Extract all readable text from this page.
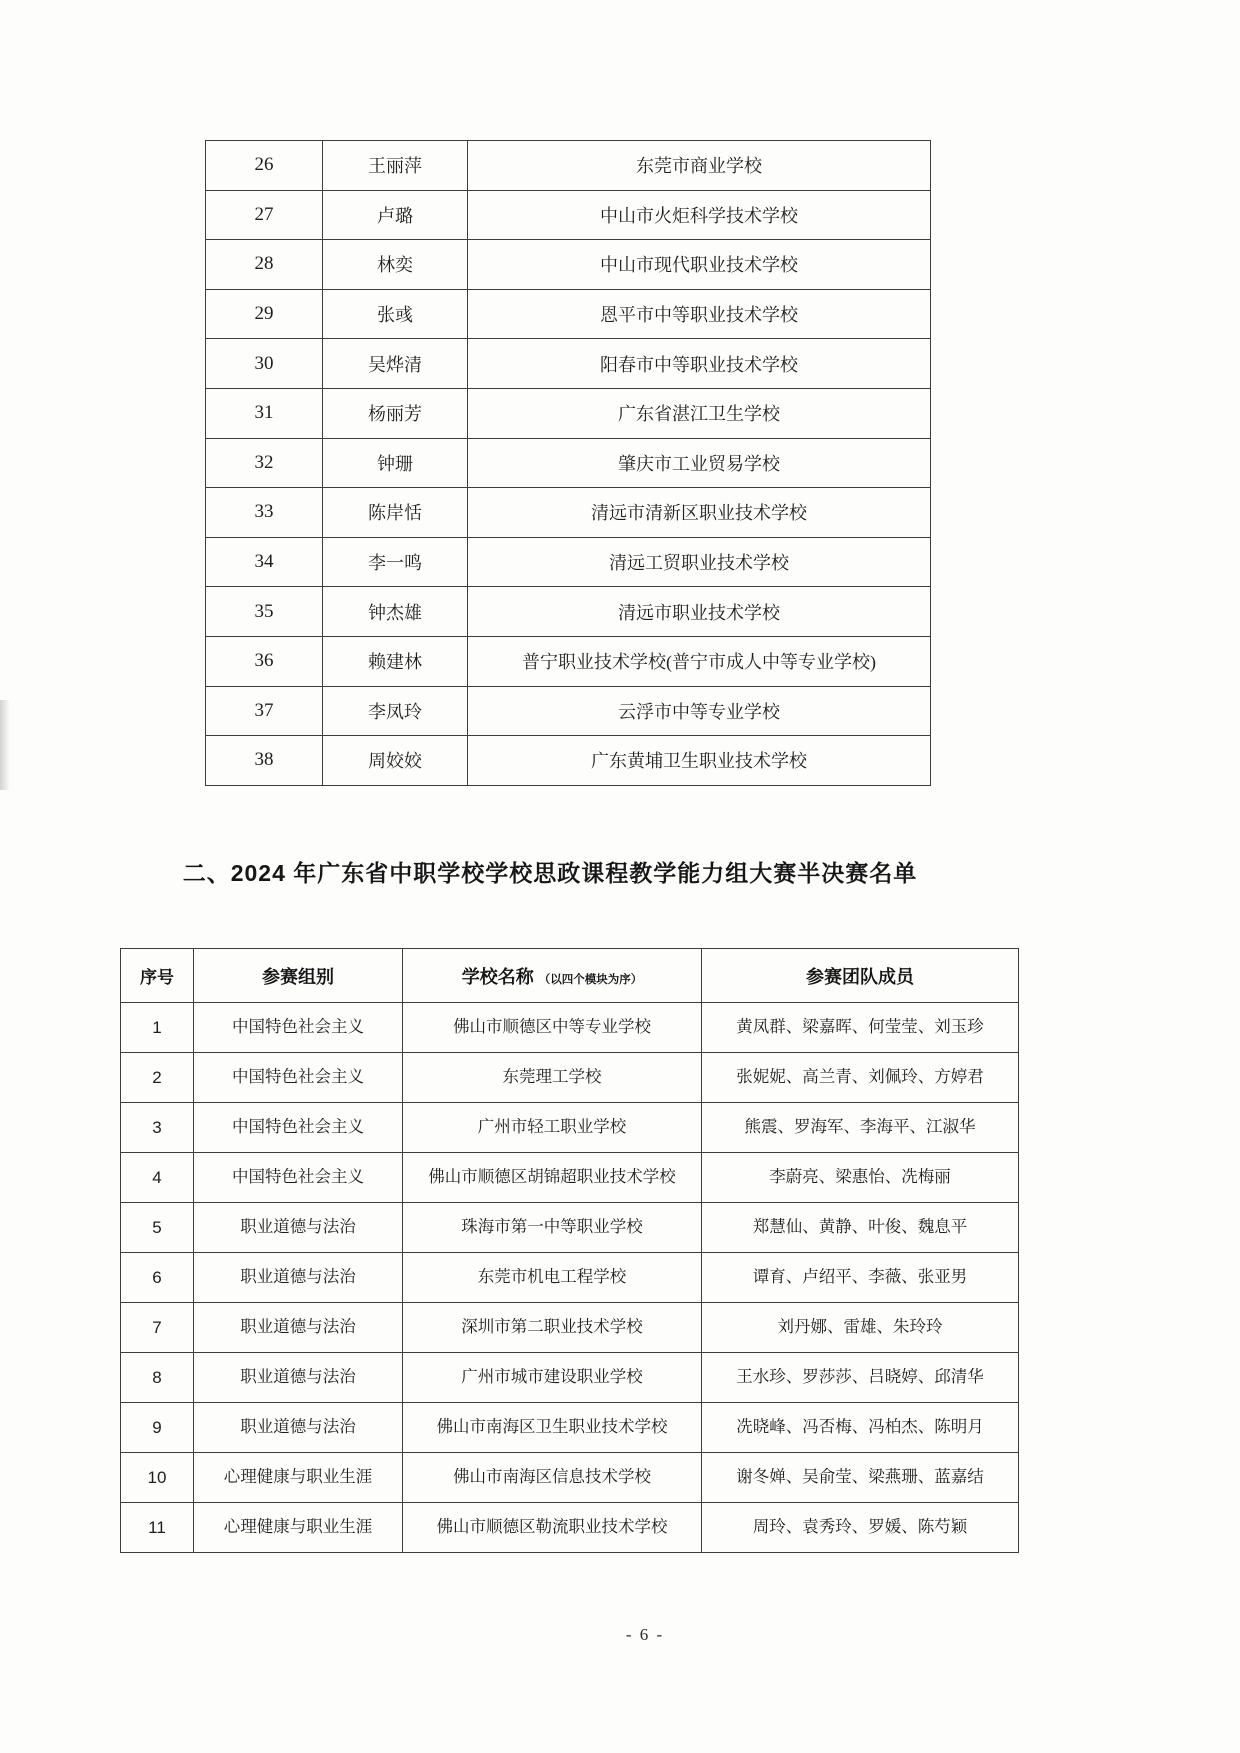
26	王丽萍	东莞市商业学校
27	卢璐	中山市火炬科学技术学校
28	林奕	中山市现代职业技术学校
29	张彧	恩平市中等职业技术学校
30	吴烨清	阳春市中等职业技术学校
31	杨丽芳	广东省湛江卫生学校
32	钟珊	肇庆市工业贸易学校
33	陈岸恬	清远市清新区职业技术学校
34	李一鸣	清远工贸职业技术学校
35	钟杰雄	清远市职业技术学校
36	赖建林	普宁职业技术学校(普宁市成人中等专业学校)
37	李凤玲	云浮市中等专业学校
38	周姣姣	广东黄埔卫生职业技术学校
二、2024 年广东省中职学校学校思政课程教学能力组大赛半决赛名单
序号	参赛组别	学校名称 （以四个模块为序）	参赛团队成员
1	中国特色社会主义	佛山市顺德区中等专业学校	黄凤群、梁嘉晖、何莹莹、刘玉珍
2	中国特色社会主义	东莞理工学校	张妮妮、高兰青、刘佩玲、方婷君
3	中国特色社会主义	广州市轻工职业学校	熊震、罗海军、李海平、江淑华
4	中国特色社会主义	佛山市顺德区胡锦超职业技术学校	李蔚亮、梁惠怡、冼梅丽
5	职业道德与法治	珠海市第一中等职业学校	郑慧仙、黄静、叶俊、魏息平
6	职业道德与法治	东莞市机电工程学校	谭育、卢绍平、李薇、张亚男
7	职业道德与法治	深圳市第二职业技术学校	刘丹娜、雷雄、朱玲玲
8	职业道德与法治	广州市城市建设职业学校	王水珍、罗莎莎、吕晓婷、邱清华
9	职业道德与法治	佛山市南海区卫生职业技术学校	冼晓峰、冯否梅、冯柏杰、陈明月
10	心理健康与职业生涯	佛山市南海区信息技术学校	谢冬婵、吴俞莹、梁燕珊、蓝嘉结
11	心理健康与职业生涯	佛山市顺德区勒流职业技术学校	周玲、袁秀玲、罗媛、陈芍颖
- 6 -
